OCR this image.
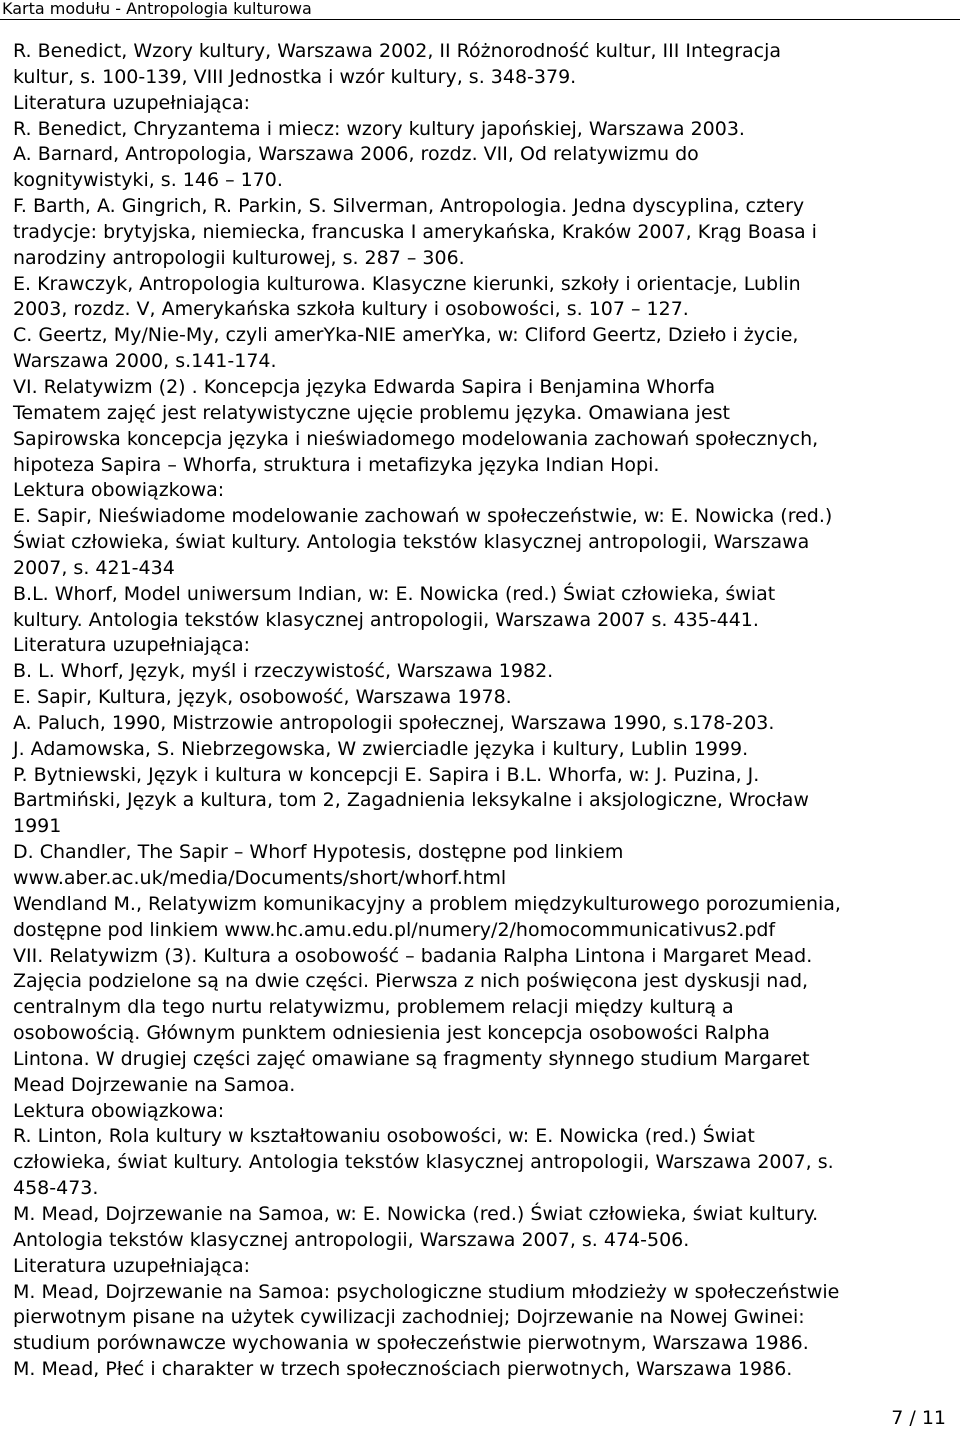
Karta modułu - Antropologia kulturowa
R. Benedict, Wzory kultury, Warszawa 2002, II Różnorodność kultur, III Integracja
kultur, s. 100-139, VIII Jednostka i wzór kultury, s. 348-379.
Literatura uzupełniająca:
R. Benedict, Chryzantema i miecz: wzory kultury japońskiej, Warszawa 2003.
A. Barnard, Antropologia, Warszawa 2006, rozdz. VII, Od relatywizmu do
kognitywistyki, s. 146 – 170.
F. Barth, A. Gingrich, R. Parkin, S. Silverman, Antropologia. Jedna dyscyplina, cztery
tradycje: brytyjska, niemiecka, francuska I amerykańska, Kraków 2007, Krąg Boasa i
narodziny antropologii kulturowej, s. 287 – 306.
E. Krawczyk, Antropologia kulturowa. Klasyczne kierunki, szkoły i orientacje, Lublin
2003, rozdz. V, Amerykańska szkoła kultury i osobowości, s. 107 – 127.
C. Geertz, My/Nie-My, czyli amerYka-NIE amerYka, w: Cliford Geertz, Dzieło i życie,
Warszawa 2000, s.141-174.
VI. Relatywizm (2) . Koncepcja języka Edwarda Sapira i Benjamina Whorfa
Tematem zajęć jest relatywistyczne ujęcie problemu języka. Omawiana jest
Sapirowska koncepcja języka i nieświadomego modelowania zachowań społecznych,
hipoteza Sapira – Whorfa, struktura i metafizyka języka Indian Hopi.
Lektura obowiązkowa:
E. Sapir, Nieświadome modelowanie zachowań w społeczeństwie, w: E. Nowicka (red.)
Świat człowieka, świat kultury. Antologia tekstów klasycznej antropologii, Warszawa
2007, s. 421-434
B.L. Whorf, Model uniwersum Indian, w: E. Nowicka (red.) Świat człowieka, świat
kultury. Antologia tekstów klasycznej antropologii, Warszawa 2007 s. 435-441.
Literatura uzupełniająca:
B. L. Whorf, Język, myśl i rzeczywistość, Warszawa 1982.
E. Sapir, Kultura, język, osobowość, Warszawa 1978.
A. Paluch, 1990, Mistrzowie antropologii społecznej, Warszawa 1990, s.178-203.
J. Adamowska, S. Niebrzegowska, W zwierciadle języka i kultury, Lublin 1999.
P. Bytniewski, Język i kultura w koncepcji E. Sapira i B.L. Whorfa, w: J. Puzina, J.
Bartmiński, Język a kultura, tom 2, Zagadnienia leksykalne i aksjologiczne, Wrocław
1991
D. Chandler, The Sapir – Whorf Hypotesis, dostępne pod linkiem
www.aber.ac.uk/media/Documents/short/whorf.html
Wendland M., Relatywizm komunikacyjny a problem międzykulturowego porozumienia,
dostępne pod linkiem www.hc.amu.edu.pl/numery/2/homocommunicativus2.pdf
VII. Relatywizm (3). Kultura a osobowość – badania Ralpha Lintona i Margaret Mead.
Zajęcia podzielone są na dwie części. Pierwsza z nich poświęcona jest dyskusji nad,
centralnym dla tego nurtu relatywizmu, problemem relacji między kulturą a
osobowością. Głównym punktem odniesienia jest koncepcja osobowości Ralpha
Lintona. W drugiej części zajęć omawiane są fragmenty słynnego studium Margaret
Mead Dojrzewanie na Samoa.
Lektura obowiązkowa:
R. Linton, Rola kultury w kształtowaniu osobowości, w: E. Nowicka (red.) Świat
człowieka, świat kultury. Antologia tekstów klasycznej antropologii, Warszawa 2007, s.
458-473.
M. Mead, Dojrzewanie na Samoa, w: E. Nowicka (red.) Świat człowieka, świat kultury.
Antologia tekstów klasycznej antropologii, Warszawa 2007, s. 474-506.
Literatura uzupełniająca:
M. Mead, Dojrzewanie na Samoa: psychologiczne studium młodzieży w społeczeństwie
pierwotnym pisane na użytek cywilizacji zachodniej; Dojrzewanie na Nowej Gwinei:
studium porównawcze wychowania w społeczeństwie pierwotnym, Warszawa 1986.
M. Mead, Płeć i charakter w trzech społecznościach pierwotnych, Warszawa 1986.
7 / 11
